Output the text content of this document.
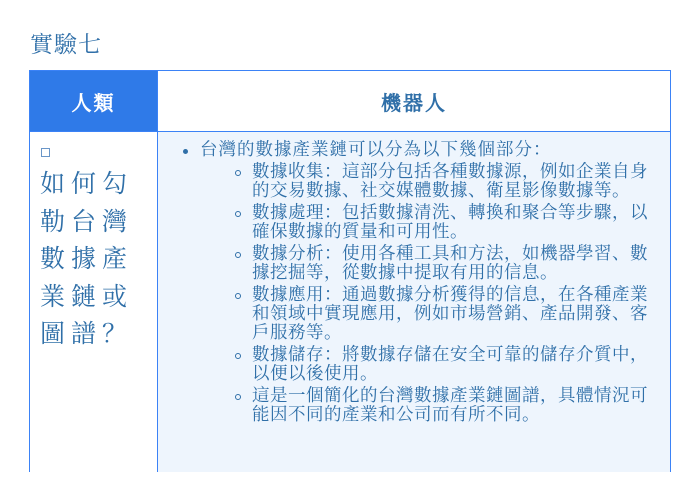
實驗七
人類	機器人
如何勾勒台灣數據產業鏈或圖譜？
台灣的數據產業鏈可以分為以下幾個部分：
數據收集：這部分包括各種數據源，例如企業自身的交易數據、社交媒體數據、衛星影像數據等。
數據處理：包括數據清洗、轉換和聚合等步驟，以確保數據的質量和可用性。
數據分析：使用各種工具和方法，如機器學習、數據挖掘等，從數據中提取有用的信息。
數據應用：通過數據分析獲得的信息，在各種產業和領域中實現應用，例如市場營銷、產品開發、客戶服務等。
數據儲存：將數據存儲在安全可靠的儲存介質中，以便以後使用。
這是一個簡化的台灣數據產業鏈圖譜，具體情況可能因不同的產業和公司而有所不同。
